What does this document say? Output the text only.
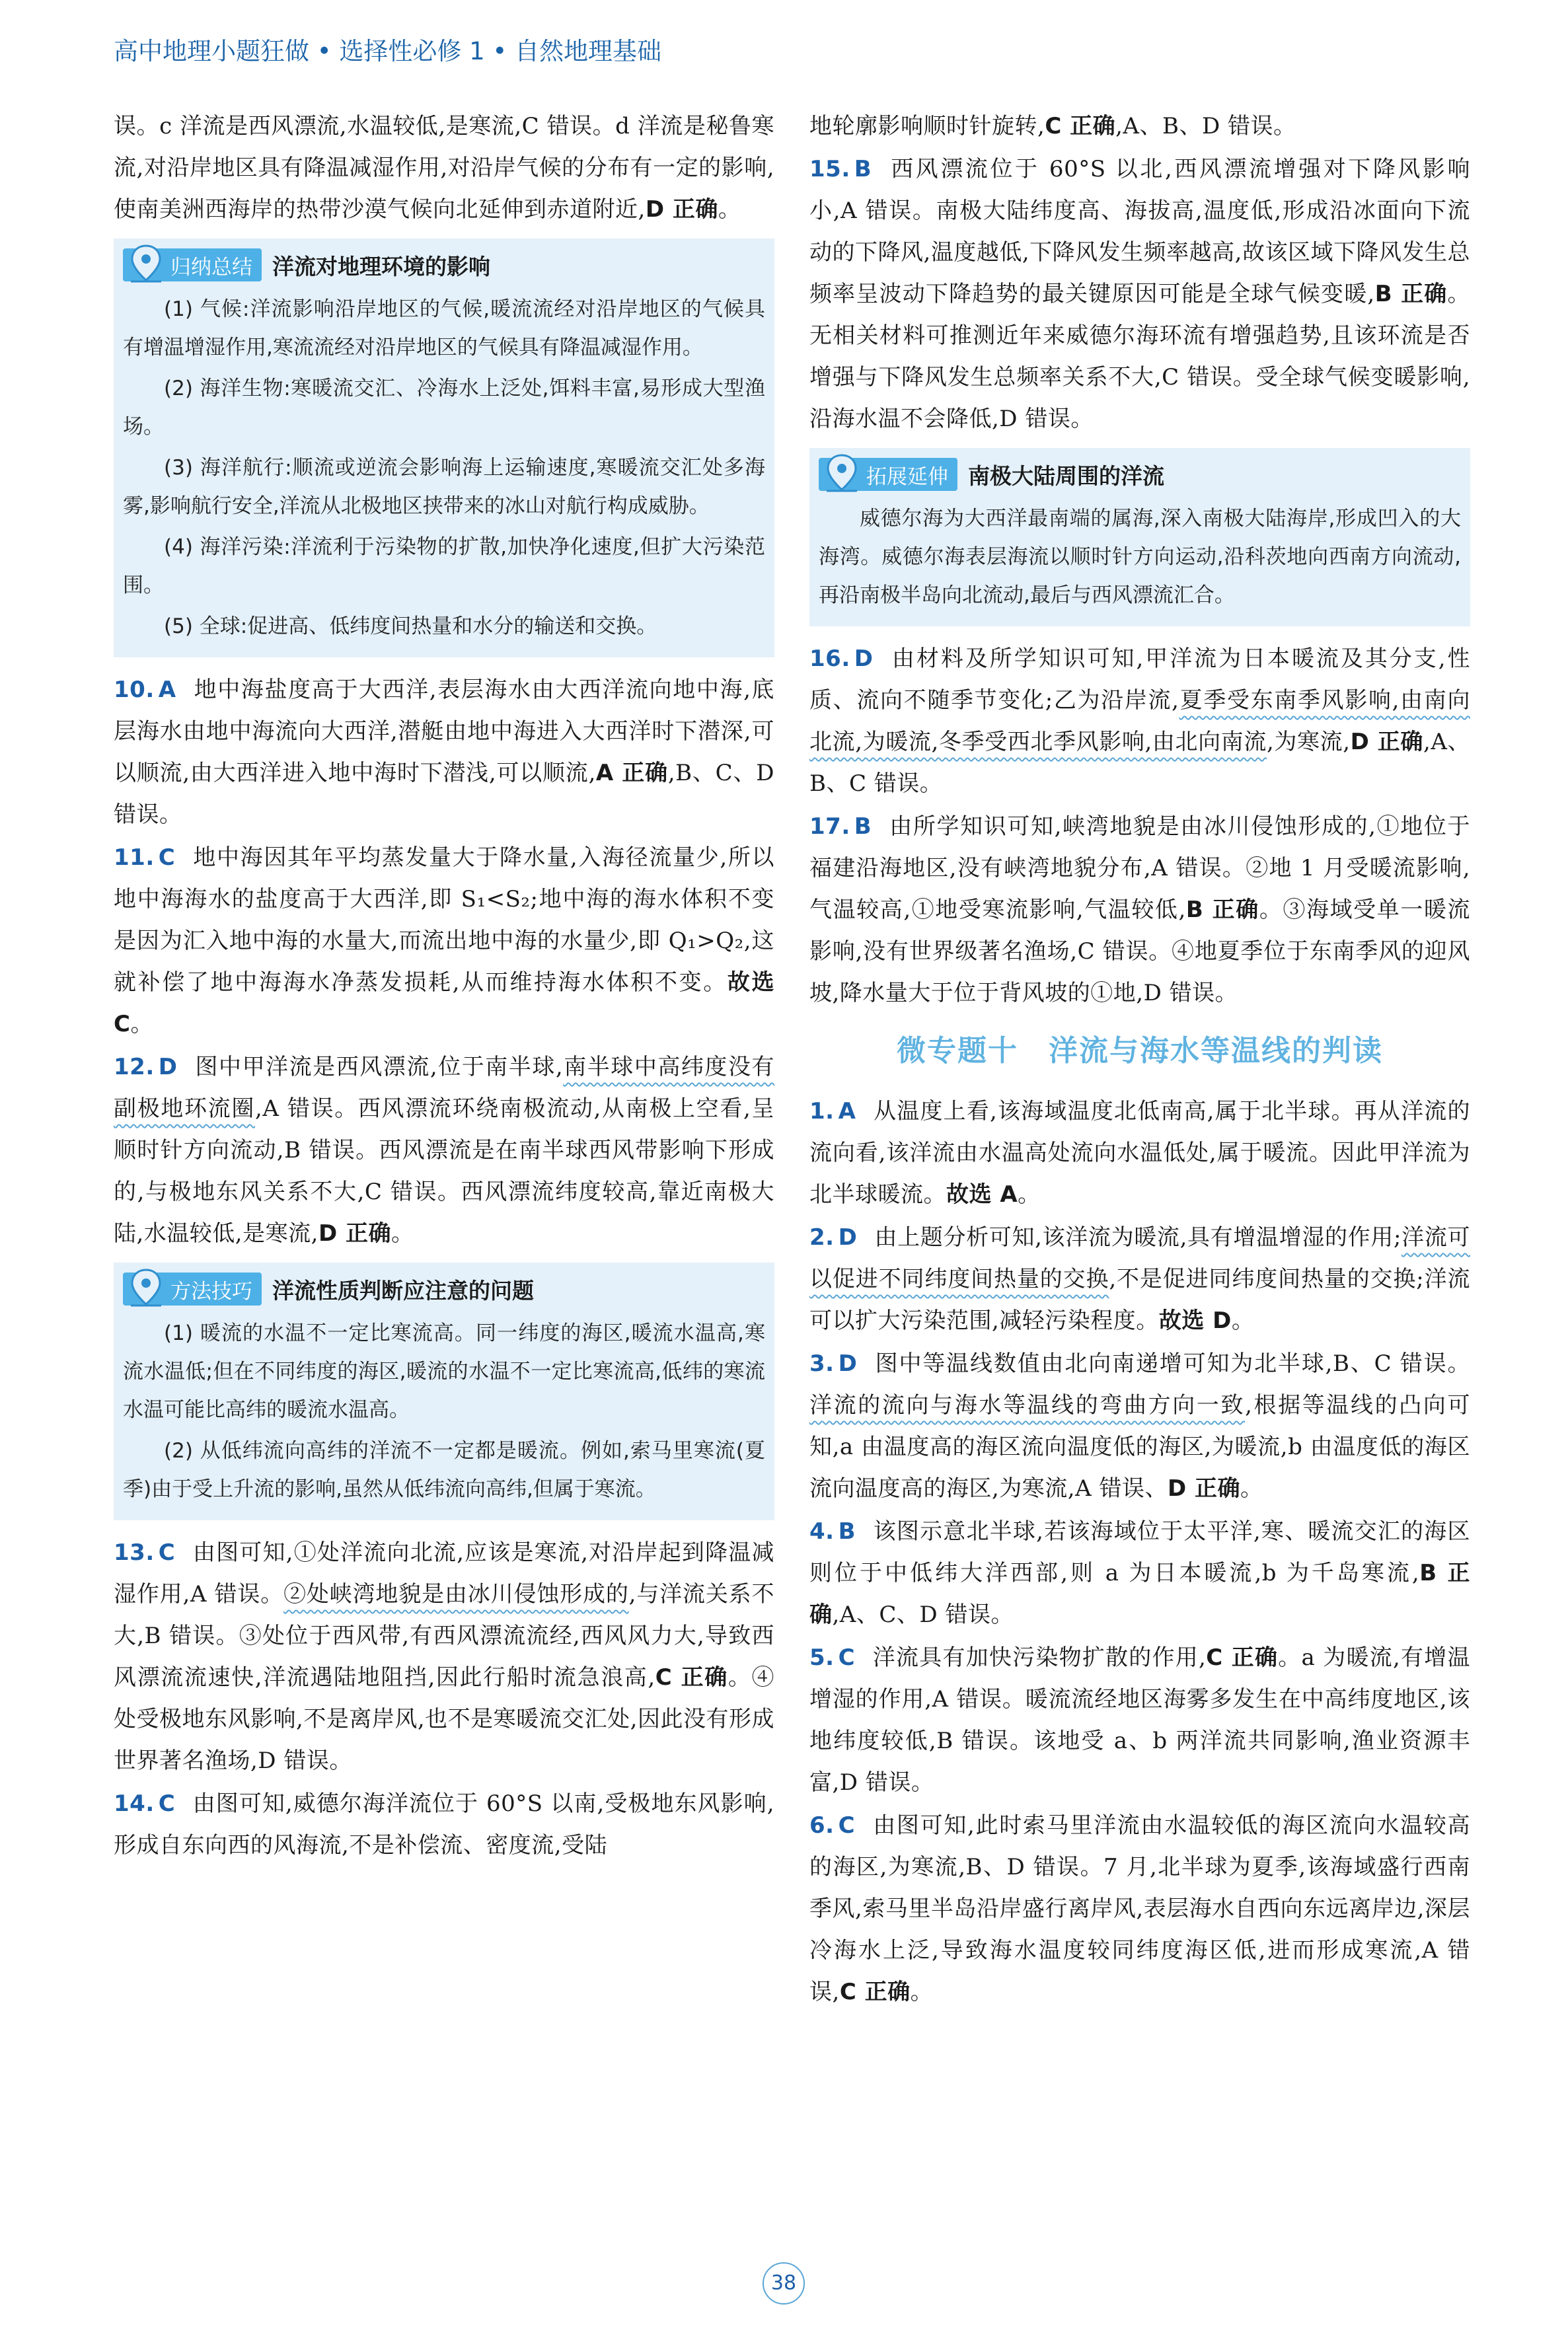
高中地理小题狂做 • 选择性必修 1 • 自然地理基础

误。c 洋流是西风漂流,水温较低,是寒流,C 错误。d 洋流是秘鲁寒流,对沿岸地区具有降温减湿作用,对沿岸气候的分布有一定的影响,使南美洲西海岸的热带沙漠气候向北延伸到赤道附近,D 正确。

归纳总结 洋流对地理环境的影响

(1) 气候:洋流影响沿岸地区的气候,暖流流经对沿岸地区的气候具有增温增湿作用,寒流流经对沿岸地区的气候具有降温减湿作用。

(2) 海洋生物:寒暖流交汇、冷海水上泛处,饵料丰富,易形成大型渔场。

(3) 海洋航行:顺流或逆流会影响海上运输速度,寒暖流交汇处多海雾,影响航行安全,洋流从北极地区挟带来的冰山对航行构成威胁。

(4) 海洋污染:洋流利于污染物的扩散,加快净化速度,但扩大污染范围。

(5) 全球:促进高、低纬度间热量和水分的输送和交换。

10. A 地中海盐度高于大西洋,表层海水由大西洋流向地中海,底层海水由地中海流向大西洋,潜艇由地中海进入大西洋时下潜深,可以顺流,由大西洋进入地中海时下潜浅,可以顺流,A 正确,B、C、D 错误。

11. C 地中海因其年平均蒸发量大于降水量,入海径流量少,所以地中海海水的盐度高于大西洋,即 S₁<S₂;地中海的海水体积不变是因为汇入地中海的水量大,而流出地中海的水量少,即 Q₁>Q₂,这就补偿了地中海海水净蒸发损耗,从而维持海水体积不变。故选 C。

12. D 图中甲洋流是西风漂流,位于南半球,南半球中高纬度没有副极地环流圈,A 错误。西风漂流环绕南极流动,从南极上空看,呈顺时针方向流动,B 错误。西风漂流是在南半球西风带影响下形成的,与极地东风关系不大,C 错误。西风漂流纬度较高,靠近南极大陆,水温较低,是寒流,D 正确。

方法技巧 洋流性质判断应注意的问题

(1) 暖流的水温不一定比寒流高。同一纬度的海区,暖流水温高,寒流水温低;但在不同纬度的海区,暖流的水温不一定比寒流高,低纬的寒流水温可能比高纬的暖流水温高。

(2) 从低纬流向高纬的洋流不一定都是暖流。例如,索马里寒流(夏季)由于受上升流的影响,虽然从低纬流向高纬,但属于寒流。

13. C 由图可知,①处洋流向北流,应该是寒流,对沿岸起到降温减湿作用,A 错误。②处峡湾地貌是由冰川侵蚀形成的,与洋流关系不大,B 错误。③处位于西风带,有西风漂流流经,西风风力大,导致西风漂流流速快,洋流遇陆地阻挡,因此行船时流急浪高,C 正确。④处受极地东风影响,不是离岸风,也不是寒暖流交汇处,因此没有形成世界著名渔场,D 错误。

14. C 由图可知,威德尔海洋流位于 60°S 以南,受极地东风影响,形成自东向西的风海流,不是补偿流、密度流,受陆

地轮廓影响顺时针旋转,C 正确,A、B、D 错误。

15. B 西风漂流位于 60°S 以北,西风漂流增强对下降风影响小,A 错误。南极大陆纬度高、海拔高,温度低,形成沿冰面向下流动的下降风,温度越低,下降风发生频率越高,故该区域下降风发生总频率呈波动下降趋势的最关键原因可能是全球气候变暖,B 正确。无相关材料可推测近年来威德尔海环流有增强趋势,且该环流是否增强与下降风发生总频率关系不大,C 错误。受全球气候变暖影响,沿海水温不会降低,D 错误。

拓展延伸 南极大陆周围的洋流

威德尔海为大西洋最南端的属海,深入南极大陆海岸,形成凹入的大海湾。威德尔海表层海流以顺时针方向运动,沿科茨地向西南方向流动,再沿南极半岛向北流动,最后与西风漂流汇合。

16. D 由材料及所学知识可知,甲洋流为日本暖流及其分支,性质、流向不随季节变化;乙为沿岸流,夏季受东南季风影响,由南向北流,为暖流,冬季受西北季风影响,由北向南流,为寒流,D 正确,A、B、C 错误。

17. B 由所学知识可知,峡湾地貌是由冰川侵蚀形成的,①地位于福建沿海地区,没有峡湾地貌分布,A 错误。②地 1 月受暖流影响,气温较高,①地受寒流影响,气温较低,B 正确。③海域受单一暖流影响,没有世界级著名渔场,C 错误。④地夏季位于东南季风的迎风坡,降水量大于位于背风坡的①地,D 错误。

微专题十　洋流与海水等温线的判读

1. A 从温度上看,该海域温度北低南高,属于北半球。再从洋流的流向看,该洋流由水温高处流向水温低处,属于暖流。因此甲洋流为北半球暖流。故选 A。

2. D 由上题分析可知,该洋流为暖流,具有增温增湿的作用;洋流可以促进不同纬度间热量的交换,不是促进同纬度间热量的交换;洋流可以扩大污染范围,减轻污染程度。故选 D。

3. D 图中等温线数值由北向南递增可知为北半球,B、C 错误。洋流的流向与海水等温线的弯曲方向一致,根据等温线的凸向可知,a 由温度高的海区流向温度低的海区,为暖流,b 由温度低的海区流向温度高的海区,为寒流,A 错误、D 正确。

4. B 该图示意北半球,若该海域位于太平洋,寒、暖流交汇的海区则位于中低纬大洋西部,则 a 为日本暖流,b 为千岛寒流,B 正确,A、C、D 错误。

5. C 洋流具有加快污染物扩散的作用,C 正确。a 为暖流,有增温增湿的作用,A 错误。暖流流经地区海雾多发生在中高纬度地区,该地纬度较低,B 错误。该地受 a、b 两洋流共同影响,渔业资源丰富,D 错误。

6. C 由图可知,此时索马里洋流由水温较低的海区流向水温较高的海区,为寒流,B、D 错误。7 月,北半球为夏季,该海域盛行西南季风,索马里半岛沿岸盛行离岸风,表层海水自西向东远离岸边,深层冷海水上泛,导致海水温度较同纬度海区低,进而形成寒流,A 错误,C 正确。

38
